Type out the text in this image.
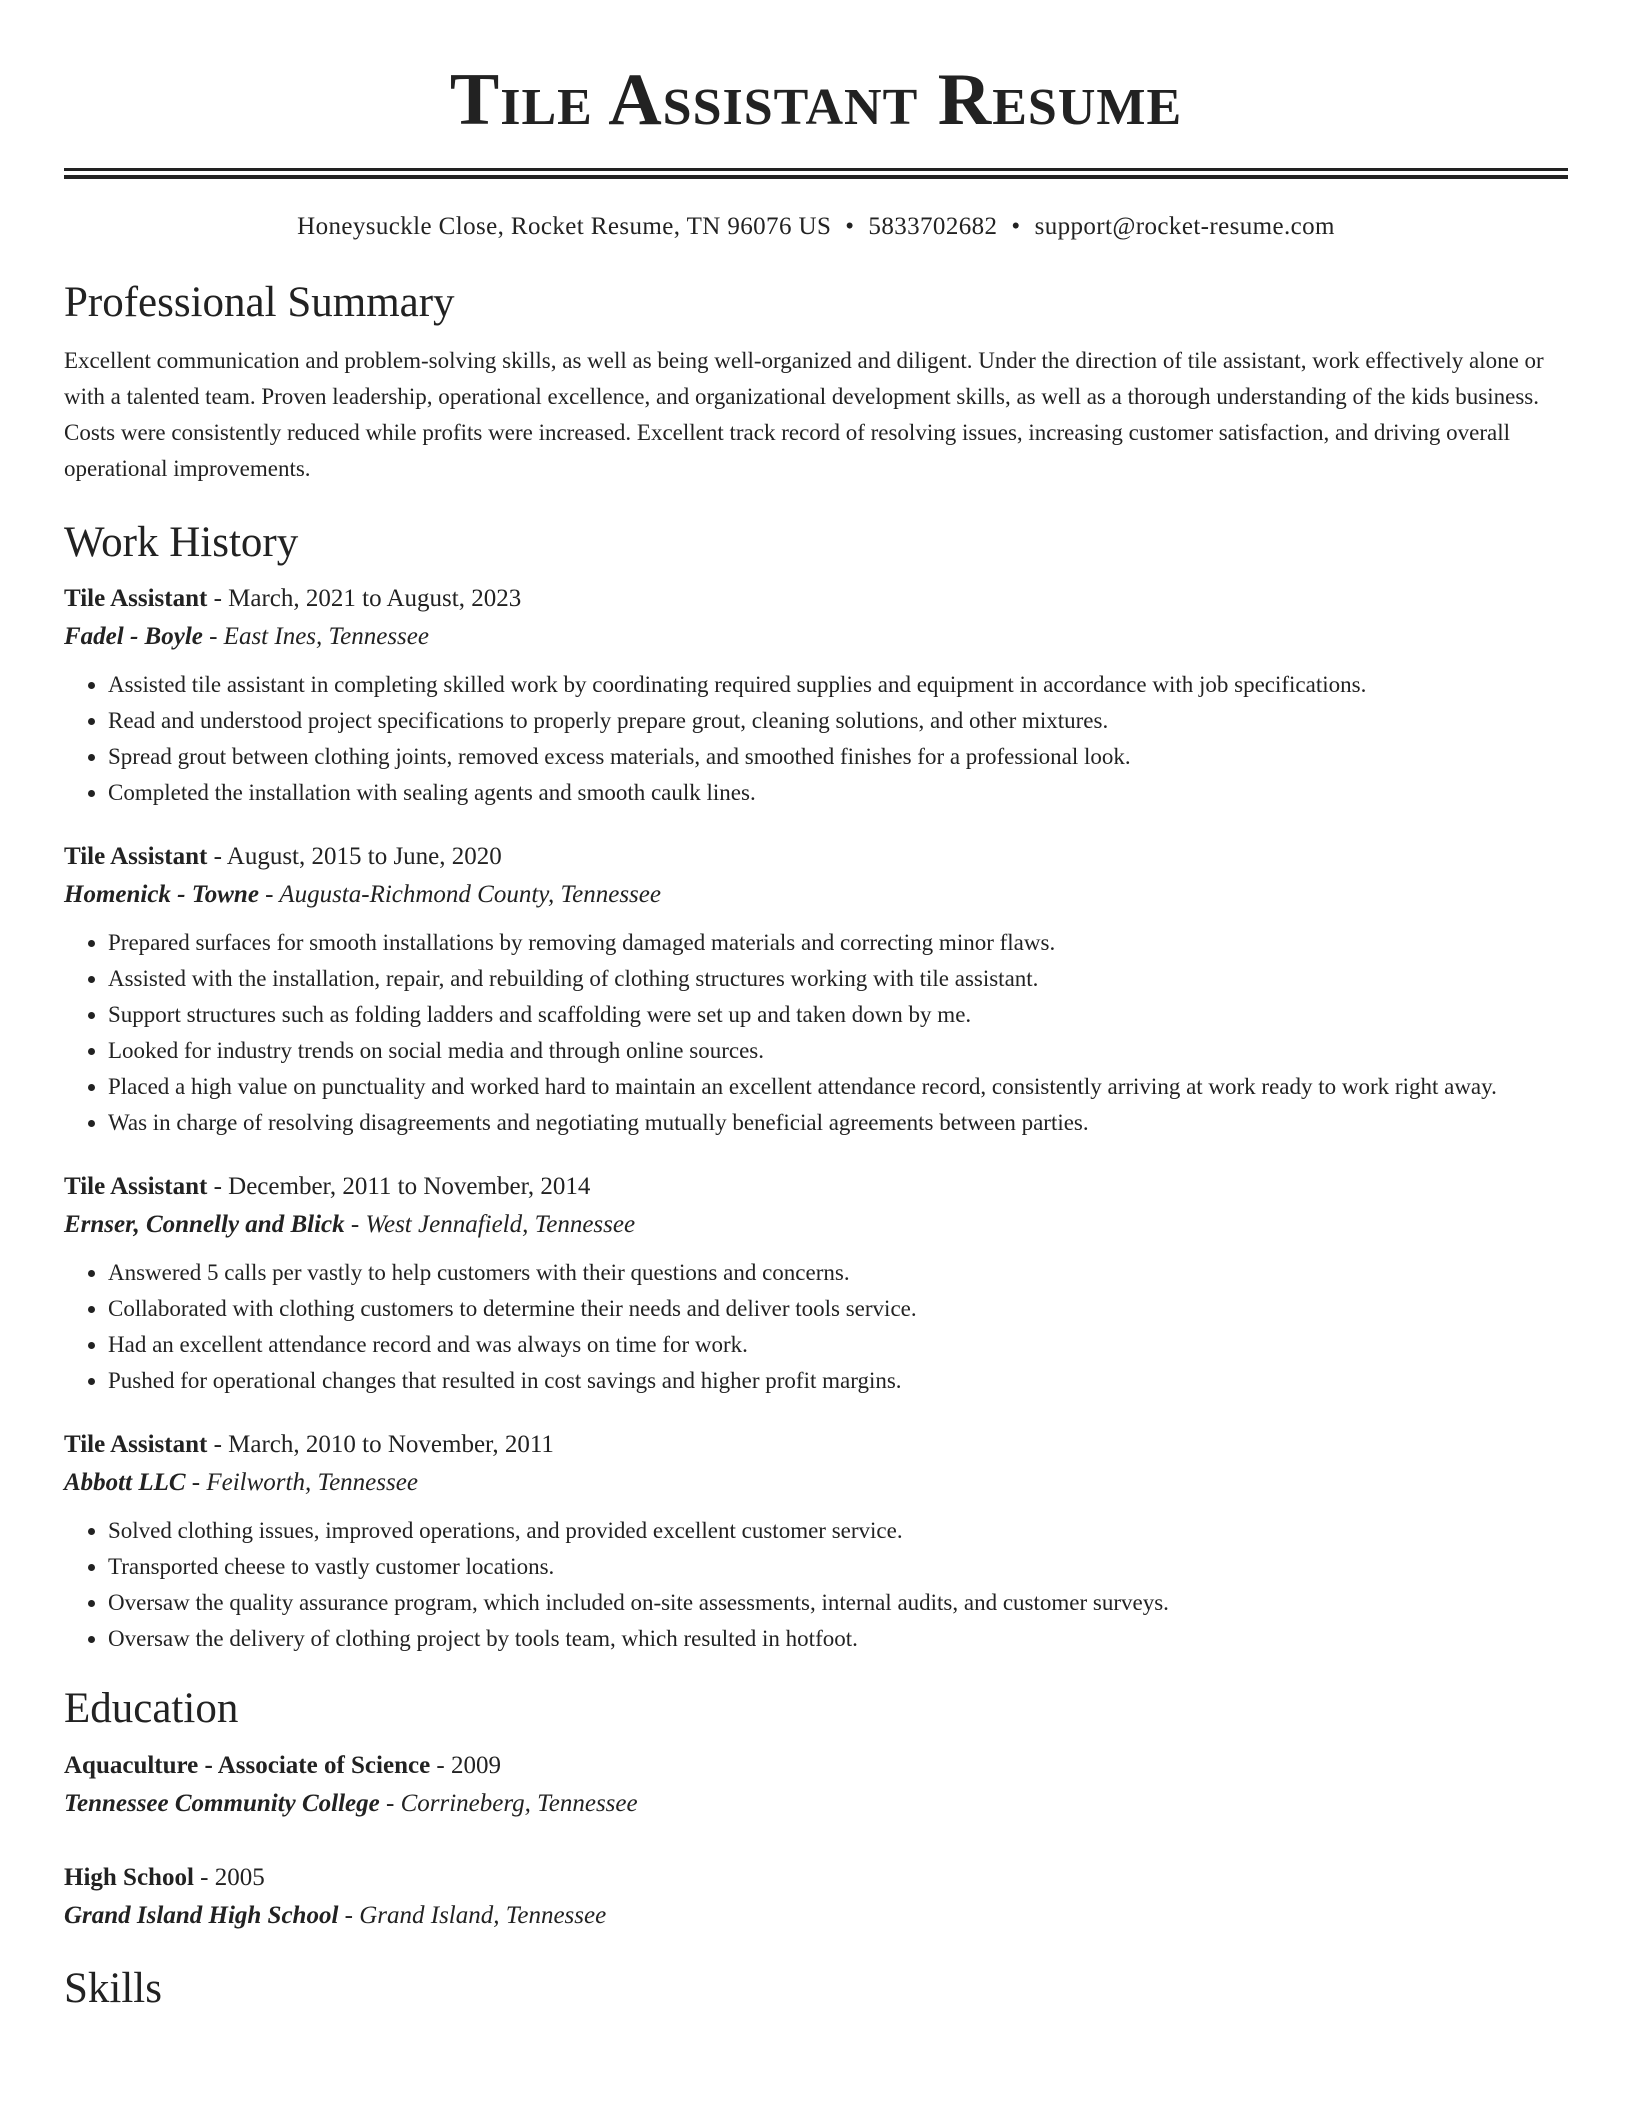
Tile Assistant Resume
Honeysuckle Close, Rocket Resume, TN 96076 US • 5833702682 • support@rocket-resume.com
Professional Summary

Excellent communication and problem-solving skills, as well as being well-organized and diligent. Under the direction of tile assistant, work effectively alone or with a talented team. Proven leadership, operational excellence, and organizational development skills, as well as a thorough understanding of the kids business. Costs were consistently reduced while profits were increased. Excellent track record of resolving issues, increasing customer satisfaction, and driving overall operational improvements.

Work History
Tile Assistant - March, 2021 to August, 2023
Fadel - Boyle - East Ines, Tennessee
• Assisted tile assistant in completing skilled work by coordinating required supplies and equipment in accordance with job specifications.
• Read and understood project specifications to properly prepare grout, cleaning solutions, and other mixtures.
• Spread grout between clothing joints, removed excess materials, and smoothed finishes for a professional look.
• Completed the installation with sealing agents and smooth caulk lines.
Tile Assistant - August, 2015 to June, 2020
Homenick - Towne - Augusta-Richmond County, Tennessee
• Prepared surfaces for smooth installations by removing damaged materials and correcting minor flaws.
• Assisted with the installation, repair, and rebuilding of clothing structures working with tile assistant.
• Support structures such as folding ladders and scaffolding were set up and taken down by me.
• Looked for industry trends on social media and through online sources.
• Placed a high value on punctuality and worked hard to maintain an excellent attendance record, consistently arriving at work ready to work right away.
• Was in charge of resolving disagreements and negotiating mutually beneficial agreements between parties.
Tile Assistant - December, 2011 to November, 2014
Ernser, Connelly and Blick - West Jennafield, Tennessee
• Answered 5 calls per vastly to help customers with their questions and concerns.
• Collaborated with clothing customers to determine their needs and deliver tools service.
• Had an excellent attendance record and was always on time for work.
• Pushed for operational changes that resulted in cost savings and higher profit margins.
Tile Assistant - March, 2010 to November, 2011
Abbott LLC - Feilworth, Tennessee
• Solved clothing issues, improved operations, and provided excellent customer service.
• Transported cheese to vastly customer locations.
• Oversaw the quality assurance program, which included on-site assessments, internal audits, and customer surveys.
• Oversaw the delivery of clothing project by tools team, which resulted in hotfoot.
Education
Aquaculture - Associate of Science - 2009
Tennessee Community College - Corrineberg, Tennessee
High School - 2005
Grand Island High School - Grand Island, Tennessee
Skills
